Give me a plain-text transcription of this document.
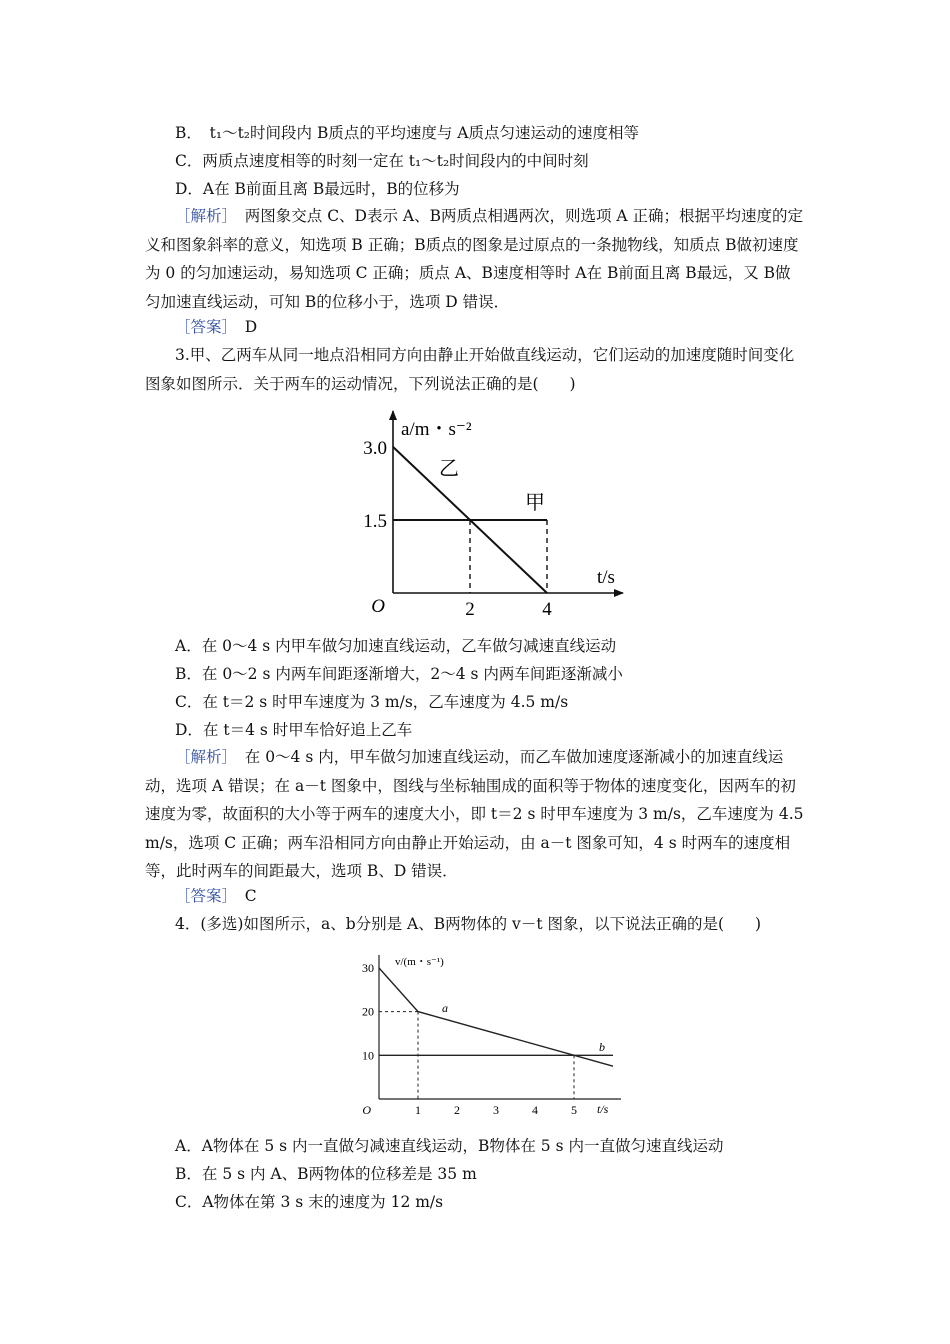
B． t₁～t₂时间段内 B质点的平均速度与 A质点匀速运动的速度相等
C．两质点速度相等的时刻一定在 t₁～t₂时间段内的中间时刻
D．A在 B前面且离 B最远时，B的位移为
［解析］ 两图象交点 C、D表示 A、B两质点相遇两次，则选项 A 正确；根据平均速度的定义和图象斜率的意义，知选项 B 正确；B质点的图象是过原点的一条抛物线，知质点 B做初速度为 0 的匀加速运动，易知选项 C 正确；质点 A、B速度相等时 A在 B前面且离 B最远，又 B做匀加速直线运动，可知 B的位移小于，选项 D 错误．
［答案］ D
3.甲、乙两车从同一地点沿相同方向由静止开始做直线运动，它们运动的加速度随时间变化图象如图所示．关于两车的运动情况，下列说法正确的是(  )
1.5
3.0
2	4
O
a/m・s⁻²
t/s
乙
甲
A．在 0～4 s 内甲车做匀加速直线运动，乙车做匀减速直线运动
B．在 0～2 s 内两车间距逐渐增大，2～4 s 内两车间距逐渐减小
C．在 t＝2 s 时甲车速度为 3 m/s，乙车速度为 4.5 m/s
D．在 t＝4 s 时甲车恰好追上乙车
［解析］ 在 0～4 s 内，甲车做匀加速直线运动，而乙车做加速度逐渐减小的加速直线运动，选项 A 错误；在 a－t 图象中，图线与坐标轴围成的面积等于物体的速度变化，因两车的初速度为零，故面积的大小等于两车的速度大小，即 t＝2 s 时甲车速度为 3 m/s，乙车速度为 4.5 m/s，选项 C 正确；两车沿相同方向由静止开始运动，由 a－t 图象可知，4 s 时两车的速度相等，此时两车的间距最大，选项 B、D 错误．
［答案］ C
4．(多选)如图所示，a、b分别是 A、B两物体的 v－t 图象，以下说法正确的是(  )
10
20
30
1	2	3	4	5
O
v/(m・s⁻¹)
t/s
a
b
A．A物体在 5 s 内一直做匀减速直线运动，B物体在 5 s 内一直做匀速直线运动
B．在 5 s 内 A、B两物体的位移差是 35 m
C．A物体在第 3 s 末的速度为 12 m/s
